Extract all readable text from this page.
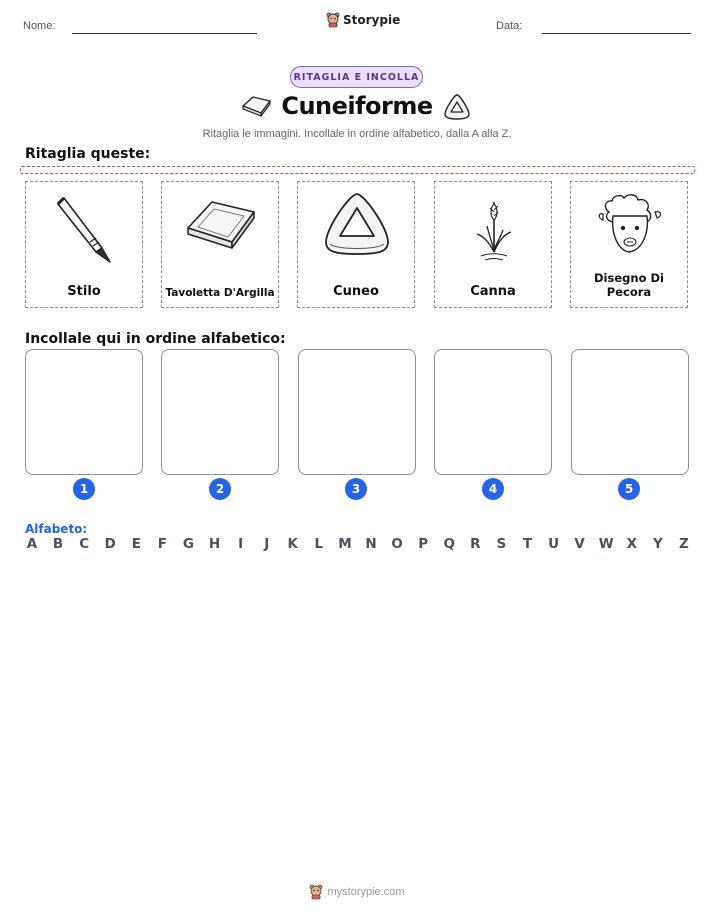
Nome:	Storypie	Data:
RITAGLIA E INCOLLA
Cuneiforme
Ritaglia le immagini. Incollale in ordine alfabetico, dalla A alla Z.
Ritaglia queste:
Stilo	Tavoletta D'Argilla	Cuneo	Canna
Disegno Di Pecora
Incollale qui in ordine alfabetico:
1	2	3	4	5
Alfabeto:
A B C D E F G H	I	J	K L M N O P Q R S T U V W X Y Z
mystorypie.com
